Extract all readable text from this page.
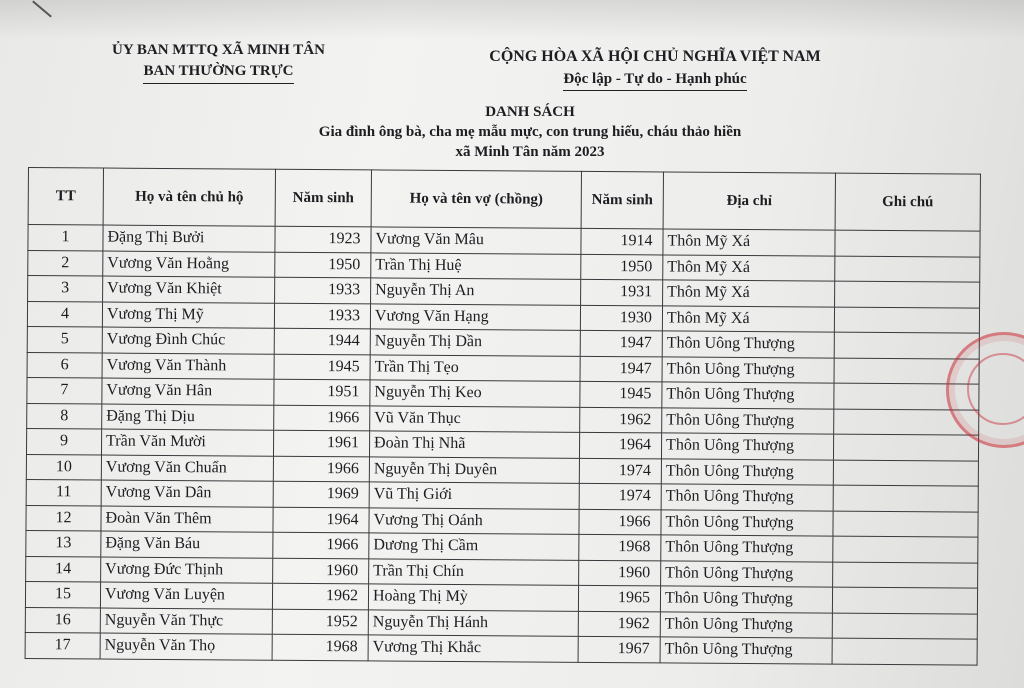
ỦY BAN MTTQ XÃ MINH TÂN
BAN THƯỜNG TRỰC
CỘNG HÒA XÃ HỘI CHỦ NGHĨA VIỆT NAM
Độc lập - Tự do - Hạnh phúc
DANH SÁCH
Gia đình ông bà, cha mẹ mẫu mực, con trung hiếu, cháu thảo hiền
xã Minh Tân năm 2023
TT	Họ và tên chủ hộ	Năm sinh	Họ và tên vợ (chồng)	Năm sinh	Địa chỉ	Ghi chú
1	Đặng Thị Bưởi	1923	Vương Văn Mâu	1914	Thôn Mỹ Xá	
2	Vương Văn Hoằng	1950	Trần Thị Huệ	1950	Thôn Mỹ Xá	
3	Vương Văn Khiệt	1933	Nguyễn Thị An	1931	Thôn Mỹ Xá	
4	Vương Thị Mỹ	1933	Vương Văn Hạng	1930	Thôn Mỹ Xá	
5	Vương Đình Chúc	1944	Nguyễn Thị Dần	1947	Thôn Uông Thượng	
6	Vương Văn Thành	1945	Trần Thị Tẹo	1947	Thôn Uông Thượng	
7	Vương Văn Hân	1951	Nguyễn Thị Keo	1945	Thôn Uông Thượng	
8	Đặng Thị Dịu	1966	Vũ Văn Thục	1962	Thôn Uông Thượng	
9	Trần Văn Mười	1961	Đoàn Thị Nhã	1964	Thôn Uông Thượng	
10	Vương Văn Chuẩn	1966	Nguyễn Thị Duyên	1974	Thôn Uông Thượng	
11	Vương Văn Dân	1969	Vũ Thị Giới	1974	Thôn Uông Thượng	
12	Đoàn Văn Thêm	1964	Vương Thị Oánh	1966	Thôn Uông Thượng	
13	Đặng Văn Báu	1966	Dương Thị Cầm	1968	Thôn Uông Thượng	
14	Vương Đức Thịnh	1960	Trần Thị Chín	1960	Thôn Uông Thượng	
15	Vương Văn Luyện	1962	Hoàng Thị Mỳ	1965	Thôn Uông Thượng	
16	Nguyễn Văn Thực	1952	Nguyễn Thị Hánh	1962	Thôn Uông Thượng	
17	Nguyễn Văn Thọ	1968	Vương Thị Khắc	1967	Thôn Uông Thượng	
